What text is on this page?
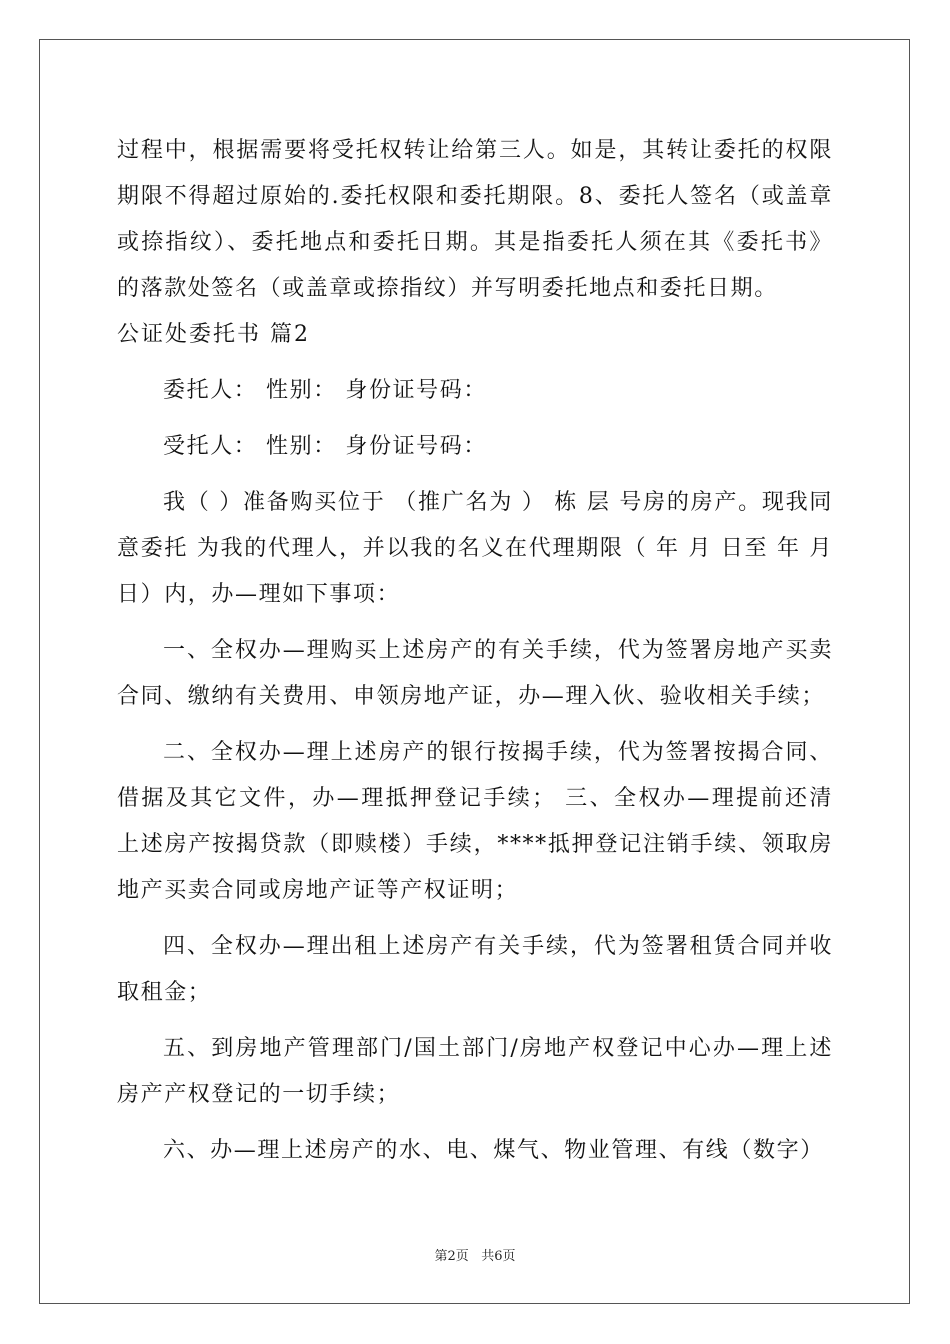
过程中，根据需要将受托权转让给第三人。如是，其转让委托的权限期限不得超过原始的.委托权限和委托期限。8、委托人签名（或盖章或捺指纹）、委托地点和委托日期。其是指委托人须在其《委托书》的落款处签名（或盖章或捺指纹）并写明委托地点和委托日期。

公证处委托书 篇2

委托人： 性别： 身份证号码：

受托人： 性别： 身份证号码：

我（ ）准备购买位于 （推广名为 ） 栋 层 号房的房产。现我同意委托 为我的代理人，并以我的名义在代理期限（ 年 月 日至 年 月 日）内，办—理如下事项：

一、全权办—理购买上述房产的有关手续，代为签署房地产买卖合同、缴纳有关费用、申领房地产证，办—理入伙、验收相关手续；

二、全权办—理上述房产的银行按揭手续，代为签署按揭合同、借据及其它文件，办—理抵押登记手续； 三、全权办—理提前还清上述房产按揭贷款（即赎楼）手续，****抵押登记注销手续、领取房地产买卖合同或房地产证等产权证明；

四、全权办—理出租上述房产有关手续，代为签署租赁合同并收取租金；

五、到房地产管理部门/国土部门/房地产权登记中心办—理上述房产产权登记的一切手续；

六、办—理上述房产的水、电、煤气、物业管理、有线（数字）

第2页 共6页
